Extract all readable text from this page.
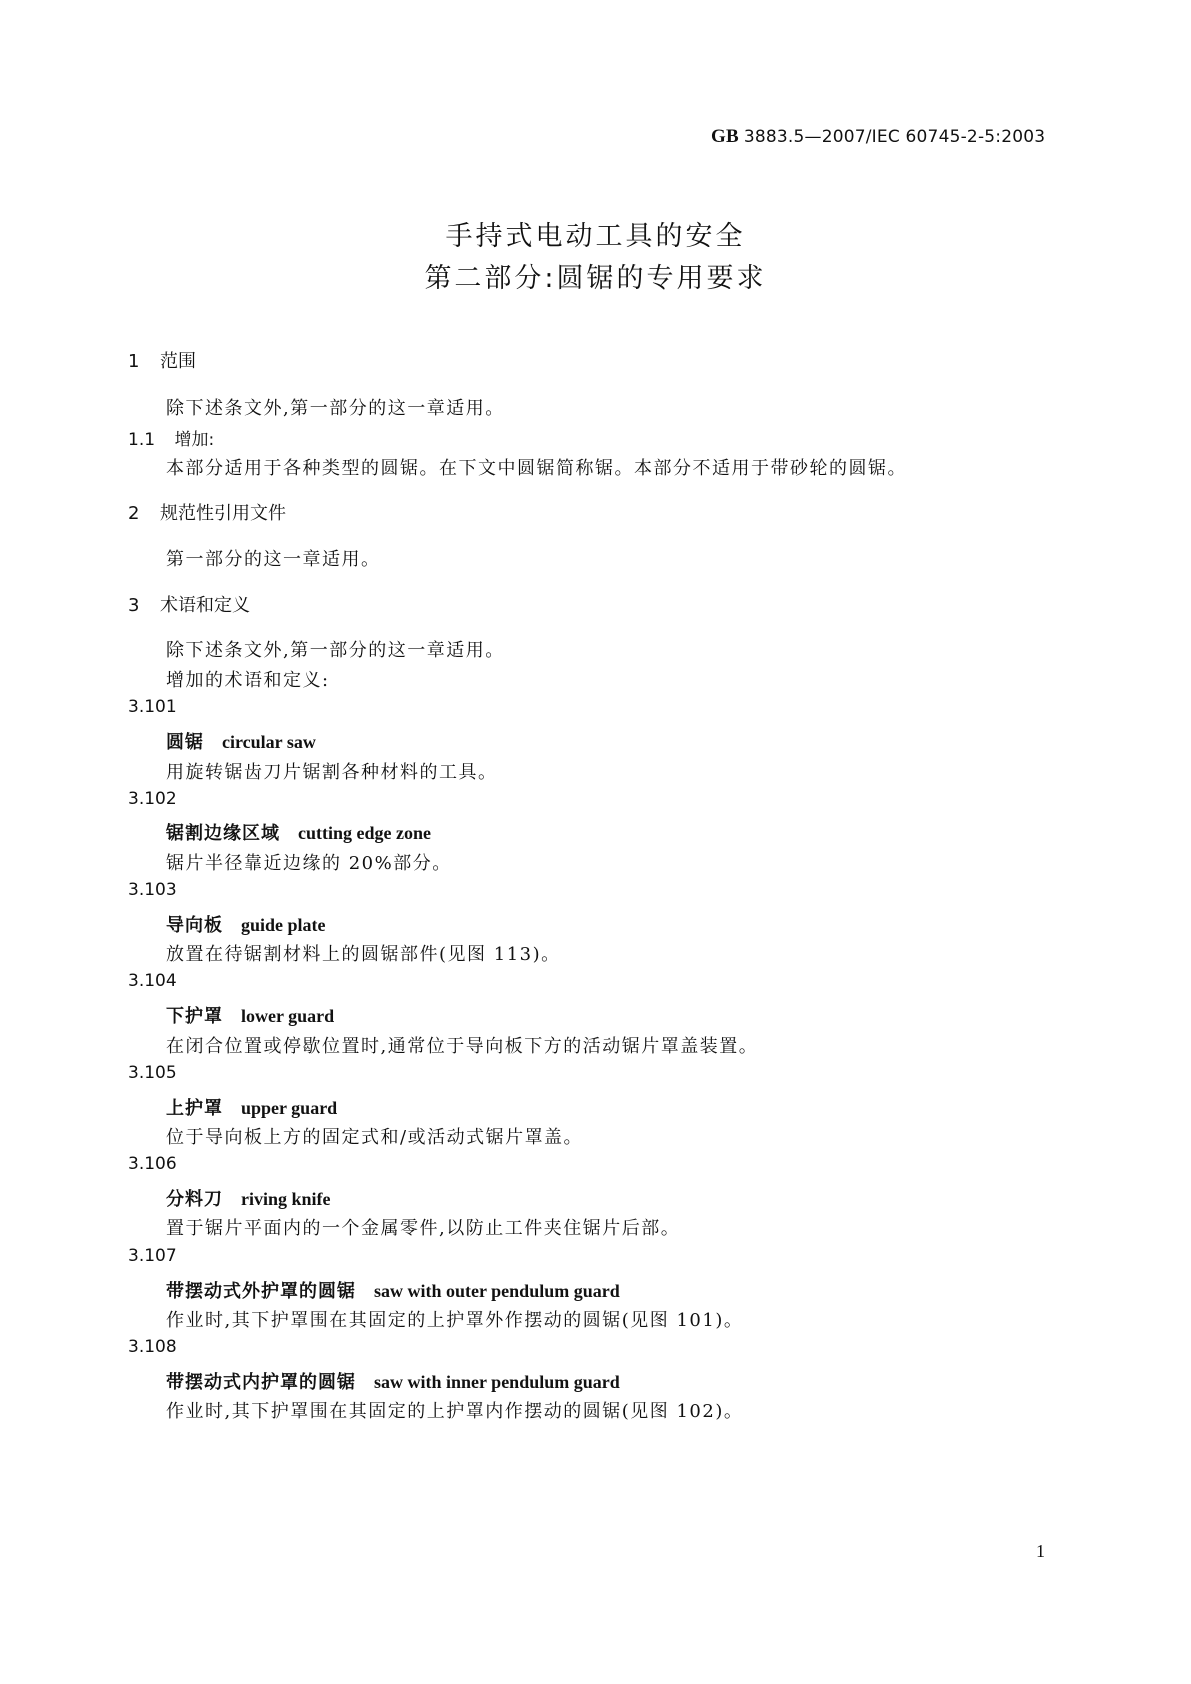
GB 3883.5—2007/IEC 60745-2-5:2003
手持式电动工具的安全
第二部分:圆锯的专用要求
1 范围
除下述条文外,第一部分的这一章适用。
1.1 增加:
本部分适用于各种类型的圆锯。在下文中圆锯简称锯。本部分不适用于带砂轮的圆锯。
2 规范性引用文件
第一部分的这一章适用。
3 术语和定义
除下述条文外,第一部分的这一章适用。
增加的术语和定义:
3.101
圆锯 circular saw
用旋转锯齿刀片锯割各种材料的工具。
3.102
锯割边缘区域 cutting edge zone
锯片半径靠近边缘的 20%部分。
3.103
导向板 guide plate
放置在待锯割材料上的圆锯部件(见图 113)。
3.104
下护罩 lower guard
在闭合位置或停歇位置时,通常位于导向板下方的活动锯片罩盖装置。
3.105
上护罩 upper guard
位于导向板上方的固定式和/或活动式锯片罩盖。
3.106
分料刀 riving knife
置于锯片平面内的一个金属零件,以防止工件夹住锯片后部。
3.107
带摆动式外护罩的圆锯 saw with outer pendulum guard
作业时,其下护罩围在其固定的上护罩外作摆动的圆锯(见图 101)。
3.108
带摆动式内护罩的圆锯 saw with inner pendulum guard
作业时,其下护罩围在其固定的上护罩内作摆动的圆锯(见图 102)。
1
